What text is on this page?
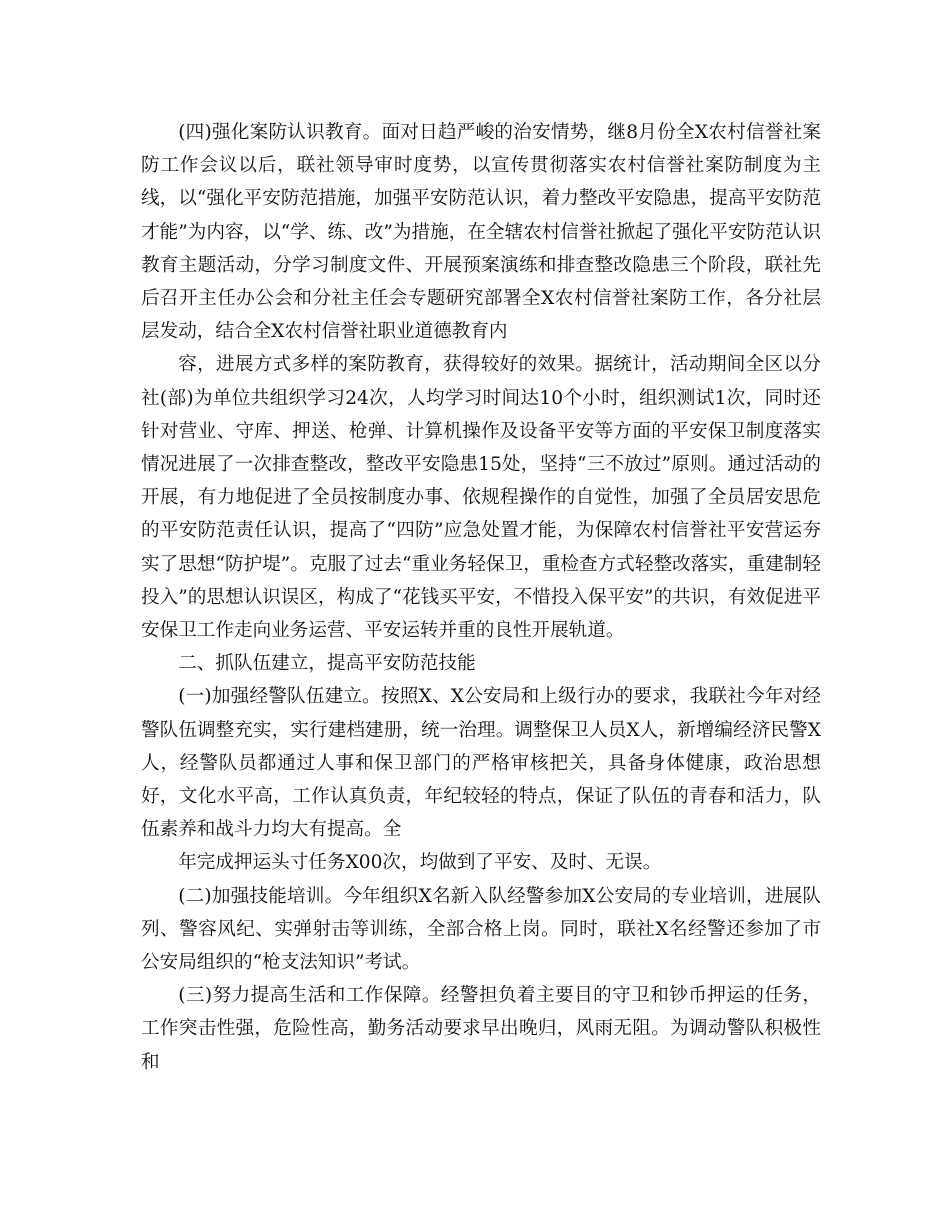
(四)强化案防认识教育。面对日趋严峻的治安情势，继8月份全X农村信誉社案防工作会议以后，联社领导审时度势，以宣传贯彻落实农村信誉社案防制度为主线，以“强化平安防范措施，加强平安防范认识，着力整改平安隐患，提高平安防范才能”为内容，以“学、练、改”为措施，在全辖农村信誉社掀起了强化平安防范认识教育主题活动，分学习制度文件、开展预案演练和排查整改隐患三个阶段，联社先后召开主任办公会和分社主任会专题研究部署全X农村信誉社案防工作，各分社层层发动，结合全X农村信誉社职业道德教育内

容，进展方式多样的案防教育，获得较好的效果。据统计，活动期间全区以分社(部)为单位共组织学习24次，人均学习时间达10个小时，组织测试1次，同时还针对营业、守库、押送、枪弹、计算机操作及设备平安等方面的平安保卫制度落实情况进展了一次排查整改，整改平安隐患15处，坚持“三不放过”原则。通过活动的开展，有力地促进了全员按制度办事、依规程操作的自觉性，加强了全员居安思危的平安防范责任认识，提高了“四防”应急处置才能，为保障农村信誉社平安营运夯实了思想“防护堤”。克服了过去“重业务轻保卫，重检查方式轻整改落实，重建制轻投入”的思想认识误区，构成了“花钱买平安，不惜投入保平安”的共识，有效促进平安保卫工作走向业务运营、平安运转并重的良性开展轨道。

二、抓队伍建立，提高平安防范技能

(一)加强经警队伍建立。按照X、X公安局和上级行办的要求，我联社今年对经警队伍调整充实，实行建档建册，统一治理。调整保卫人员X人，新增编经济民警X人，经警队员都通过人事和保卫部门的严格审核把关，具备身体健康，政治思想好，文化水平高，工作认真负责，年纪较轻的特点，保证了队伍的青春和活力，队伍素养和战斗力均大有提高。全

年完成押运头寸任务X00次，均做到了平安、及时、无误。

(二)加强技能培训。今年组织X名新入队经警参加X公安局的专业培训，进展队列、警容风纪、实弹射击等训练，全部合格上岗。同时，联社X名经警还参加了市公安局组织的“枪支法知识”考试。

(三)努力提高生活和工作保障。经警担负着主要目的守卫和钞币押运的任务，工作突击性强，危险性高，勤务活动要求早出晚归，风雨无阻。为调动警队积极性和
